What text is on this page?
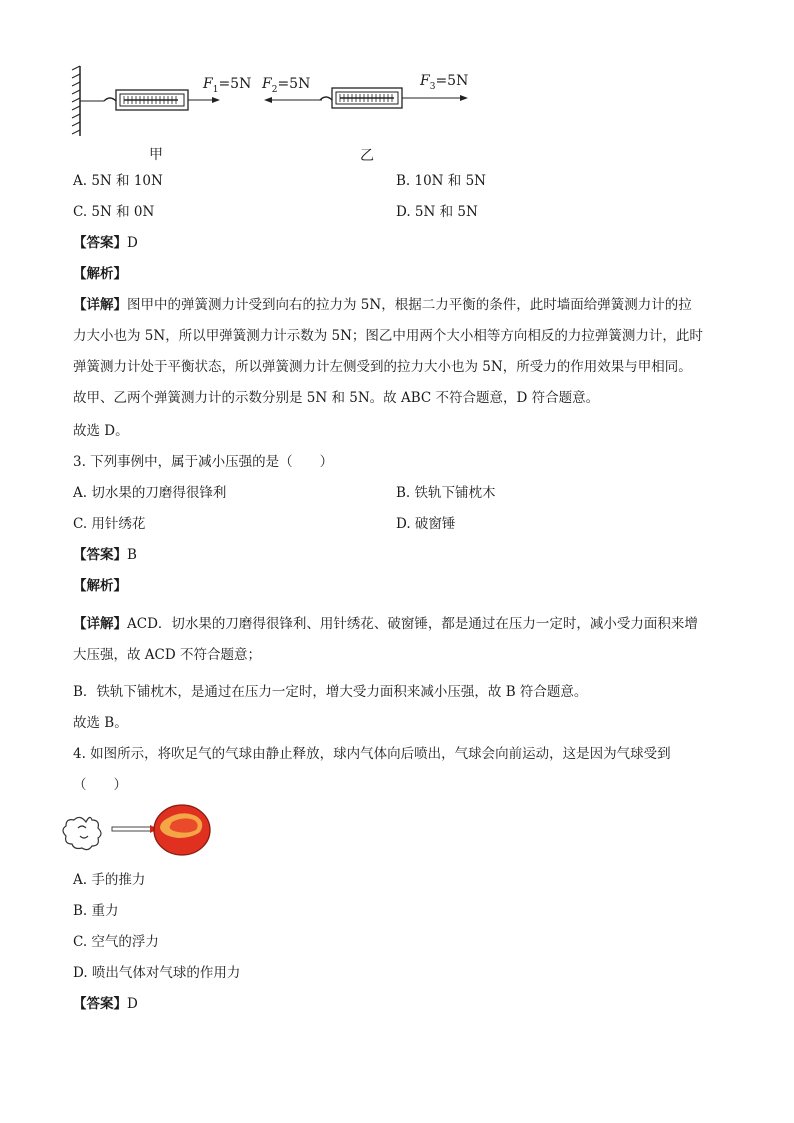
$F_1=5N$ $F_2=5N$	$F_3=5N$
甲	乙
A. 5N 和 10N	B. 10N 和 5N
C. 5N 和 0N	D. 5N 和 5N
【答案】D
【解析】
【详解】图甲中的弹簧测力计受到向右的拉力为 5N，根据二力平衡的条件，此时墙面给弹簧测力计的拉
力大小也为 5N，所以甲弹簧测力计示数为 5N；图乙中用两个大小相等方向相反的力拉弹簧测力计，此时
弹簧测力计处于平衡状态，所以弹簧测力计左侧受到的拉力大小也为 5N，所受力的作用效果与甲相同。
故甲、乙两个弹簧测力计的示数分别是 5N 和 5N。故 ABC 不符合题意，D 符合题意。
故选 D。
3. 下列事例中，属于减小压强的是（　　）
A. 切水果的刀磨得很锋利	B. 铁轨下铺枕木
C. 用针绣花	D. 破窗锤
【答案】B
【解析】
【详解】ACD．切水果的刀磨得很锋利、用针绣花、破窗锤，都是通过在压力一定时，减小受力面积来增
大压强，故 ACD 不符合题意；
B．铁轨下铺枕木，是通过在压力一定时，增大受力面积来减小压强，故 B 符合题意。
故选 B。
4. 如图所示，将吹足气的气球由静止释放，球内气体向后喷出，气球会向前运动，这是因为气球受到
（　　）
A. 手的推力
B. 重力
C. 空气的浮力
D. 喷出气体对气球的作用力
【答案】D
